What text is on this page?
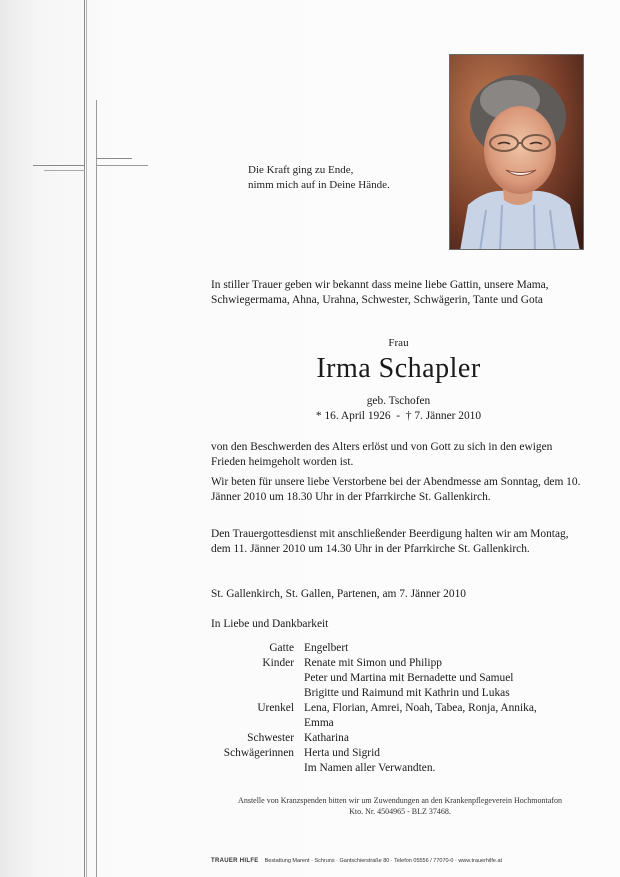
Die Kraft ging zu Ende,
nimm mich auf in Deine Hände.
In stiller Trauer geben wir bekannt dass meine liebe Gattin, unsere Mama, Schwiegermama, Ahna, Urahna, Schwester, Schwägerin, Tante und Gota
Frau
Irma Schapler
geb. Tschofen
* 16. April 1926  -  † 7. Jänner 2010
von den Beschwerden des Alters erlöst und von Gott zu sich in den ewigen Frieden heimgeholt worden ist.
Wir beten für unsere liebe Verstorbene bei der Abendmesse am Sonntag, dem 10. Jänner 2010 um 18.30 Uhr in der Pfarrkirche St. Gallenkirch.
Den Trauergottesdienst mit anschließender Beerdigung halten wir am Montag, dem 11. Jänner 2010 um 14.30 Uhr in der Pfarrkirche St. Gallenkirch.
St. Gallenkirch, St. Gallen, Partenen, am 7. Jänner 2010
In Liebe und Dankbarkeit
Gatte Engelbert
Kinder Renate mit Simon und Philipp
Peter und Martina mit Bernadette und Samuel
Brigitte und Raimund mit Kathrin und Lukas
Urenkel Lena, Florian, Amrei, Noah, Tabea, Ronja, Annika,
Emma
Schwester Katharina
Schwägerinnen Herta und Sigrid
Im Namen aller Verwandten.
Anstelle von Kranzspenden bitten wir um Zuwendungen an den Krankenpflegeverein Hochmontafon
Kto. Nr. 4504965 - BLZ 37468.
TRAUER HILFE Bestattung Marent · Schruns · Gantschierstraße 80 · Telefon 05556 / 77070-0 · www.trauerhilfe.at
